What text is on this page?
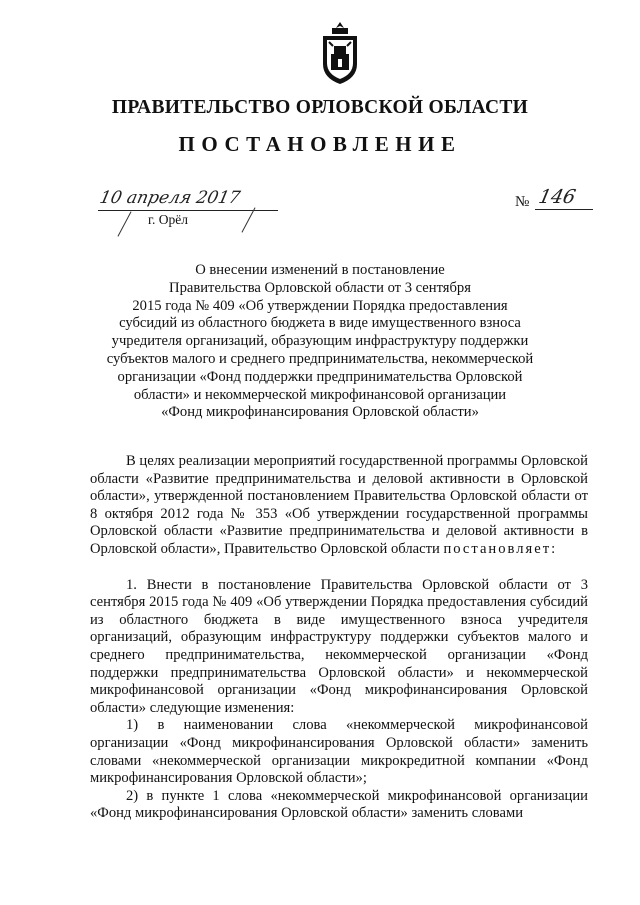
ПРАВИТЕЛЬСТВО ОРЛОВСКОЙ ОБЛАСТИ
ПОСТАНОВЛЕНИЕ
10 апреля 2017
г. Орёл
№ 146
О внесении изменений в постановление
Правительства Орловской области от 3 сентября
2015 года № 409 «Об утверждении Порядка предоставления
субсидий из областного бюджета в виде имущественного взноса
учредителя организаций, образующим инфраструктуру поддержки
субъектов малого и среднего предпринимательства, некоммерческой
организации «Фонд поддержки предпринимательства Орловской
области» и некоммерческой микрофинансовой организации
«Фонд микрофинансирования Орловской области»

В целях реализации мероприятий государственной программы Орловской области «Развитие предпринимательства и деловой активности в Орловской области», утвержденной постановлением Правительства Орловской области от 8 октября 2012 года № 353 «Об утверждении государственной программы Орловской области «Развитие предпринимательства и деловой активности в Орловской области», Правительство Орловской области постановляет:

1. Внести в постановление Правительства Орловской области от 3 сентября 2015 года № 409 «Об утверждении Порядка предоставления субсидий из областного бюджета в виде имущественного взноса учредителя организаций, образующим инфраструктуру поддержки субъектов малого и среднего предпринимательства, некоммерческой организации «Фонд поддержки предпринимательства Орловской области» и некоммерческой микрофинансовой организации «Фонд микрофинансирования Орловской области» следующие изменения:

1) в наименовании слова «некоммерческой микрофинансовой организации «Фонд микрофинансирования Орловской области» заменить словами «некоммерческой организации микрокредитной компании «Фонд микрофинансирования Орловской области»;

2) в пункте 1 слова «некоммерческой микрофинансовой организации «Фонд микрофинансирования Орловской области» заменить словами
